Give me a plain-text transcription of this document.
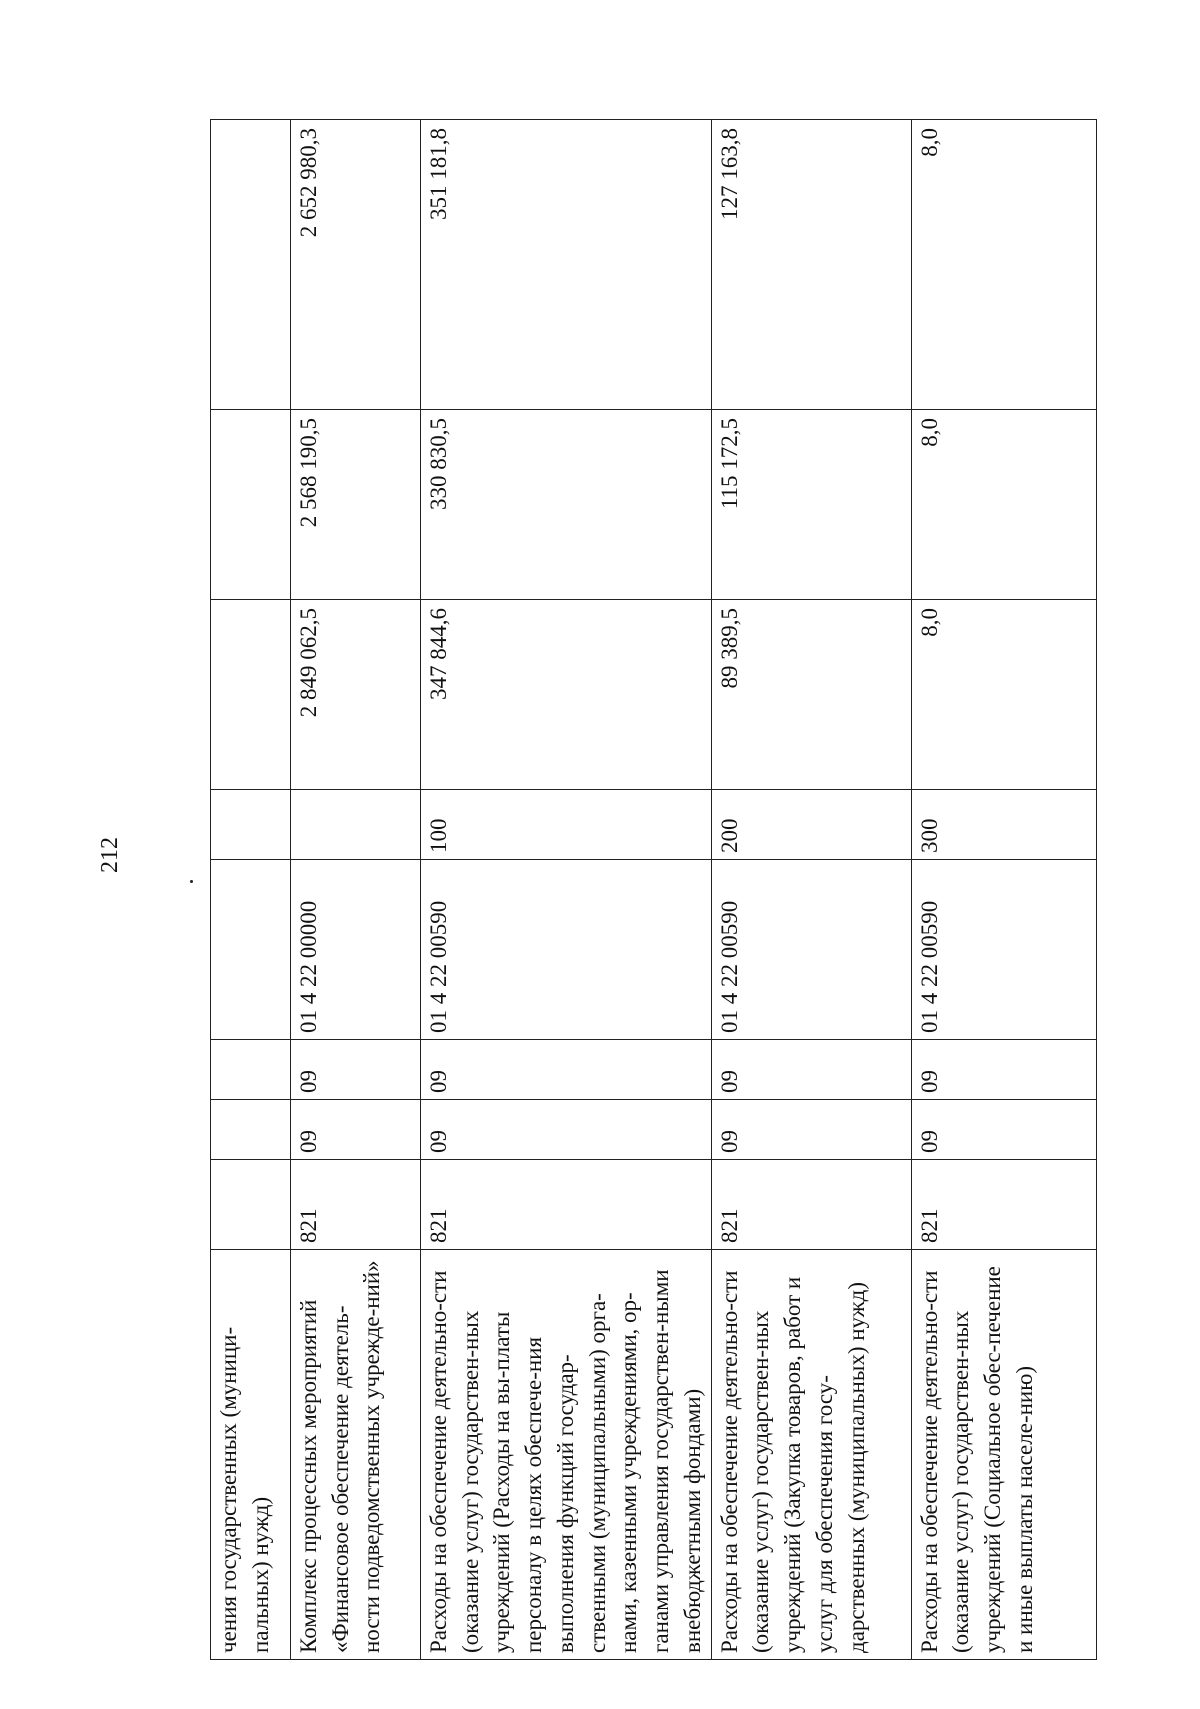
212
чения государственных (муници-пальных) нужд)								
Комплекс процессных мероприятий «Финансовое обеспечение деятель-ности подведомственных учрежде-ний»	821	09	09	01 4 22 00000		2 849 062,5	2 568 190,5	2 652 980,3
Расходы на обеспечение деятельно-сти (оказание услуг) государствен-ных учреждений (Расходы на вы-платы персоналу в целях обеспече-ния выполнения функций государ-ственными (муниципальными) орга-нами, казенными учреждениями, ор-ганами управления государствен-ными внебюджетными фондами)	821	09	09	01 4 22 00590	100	347 844,6	330 830,5	351 181,8
Расходы на обеспечение деятельно-сти (оказание услуг) государствен-ных учреждений (Закупка товаров, работ и услуг для обеспечения госу-дарственных (муниципальных) нужд)	821	09	09	01 4 22 00590	200	89 389,5	115 172,5	127 163,8
Расходы на обеспечение деятельно-сти (оказание услуг) государствен-ных учреждений (Социальное обес-печение и иные выплаты населе-нию)	821	09	09	01 4 22 00590	300	8,0	8,0	8,0
